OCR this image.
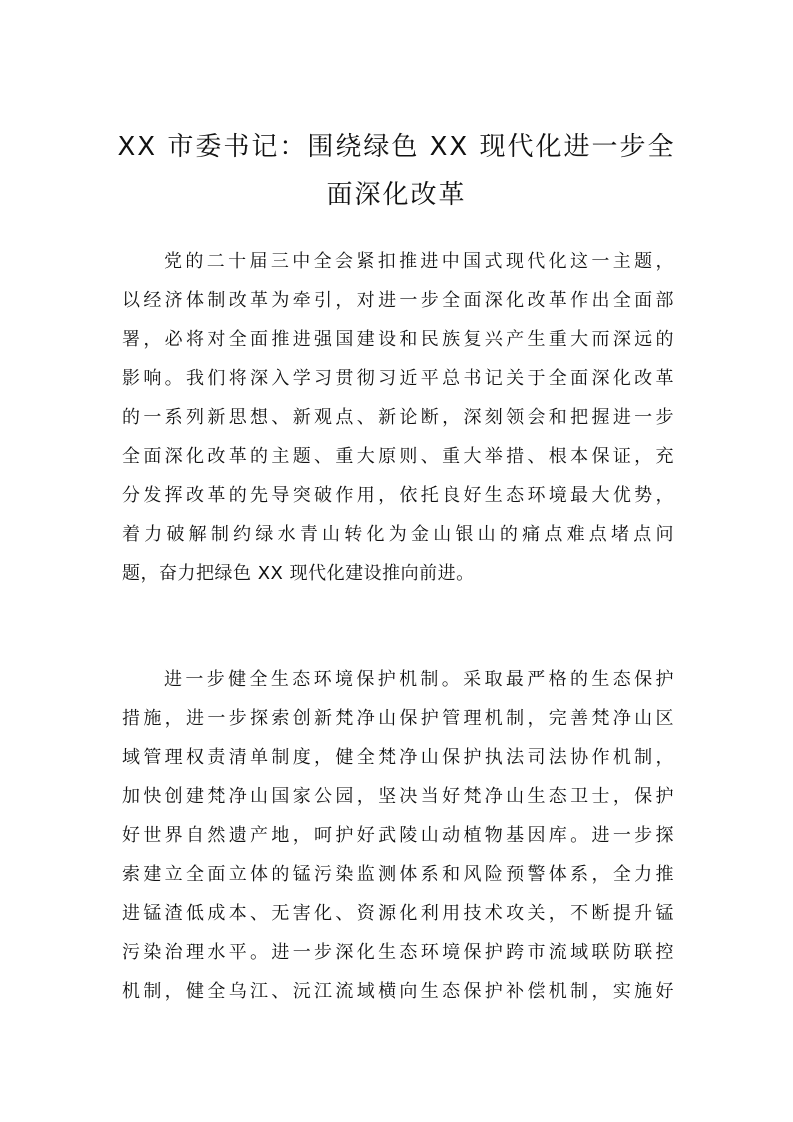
XX 市委书记：围绕绿色 XX 现代化进一步全
面深化改革
党的二十届三中全会紧扣推进中国式现代化这一主题，
以经济体制改革为牵引，对进一步全面深化改革作出全面部
署，必将对全面推进强国建设和民族复兴产生重大而深远的
影响。我们将深入学习贯彻习近平总书记关于全面深化改革
的一系列新思想、新观点、新论断，深刻领会和把握进一步
全面深化改革的主题、重大原则、重大举措、根本保证，充
分发挥改革的先导突破作用，依托良好生态环境最大优势，
着力破解制约绿水青山转化为金山银山的痛点难点堵点问
题，奋力把绿色 XX 现代化建设推向前进。
进一步健全生态环境保护机制。采取最严格的生态保护
措施，进一步探索创新梵净山保护管理机制，完善梵净山区
域管理权责清单制度，健全梵净山保护执法司法协作机制，
加快创建梵净山国家公园，坚决当好梵净山生态卫士，保护
好世界自然遗产地，呵护好武陵山动植物基因库。进一步探
索建立全面立体的锰污染监测体系和风险预警体系，全力推
进锰渣低成本、无害化、资源化利用技术攻关，不断提升锰
污染治理水平。进一步深化生态环境保护跨市流域联防联控
机制，健全乌江、沅江流域横向生态保护补偿机制，实施好
